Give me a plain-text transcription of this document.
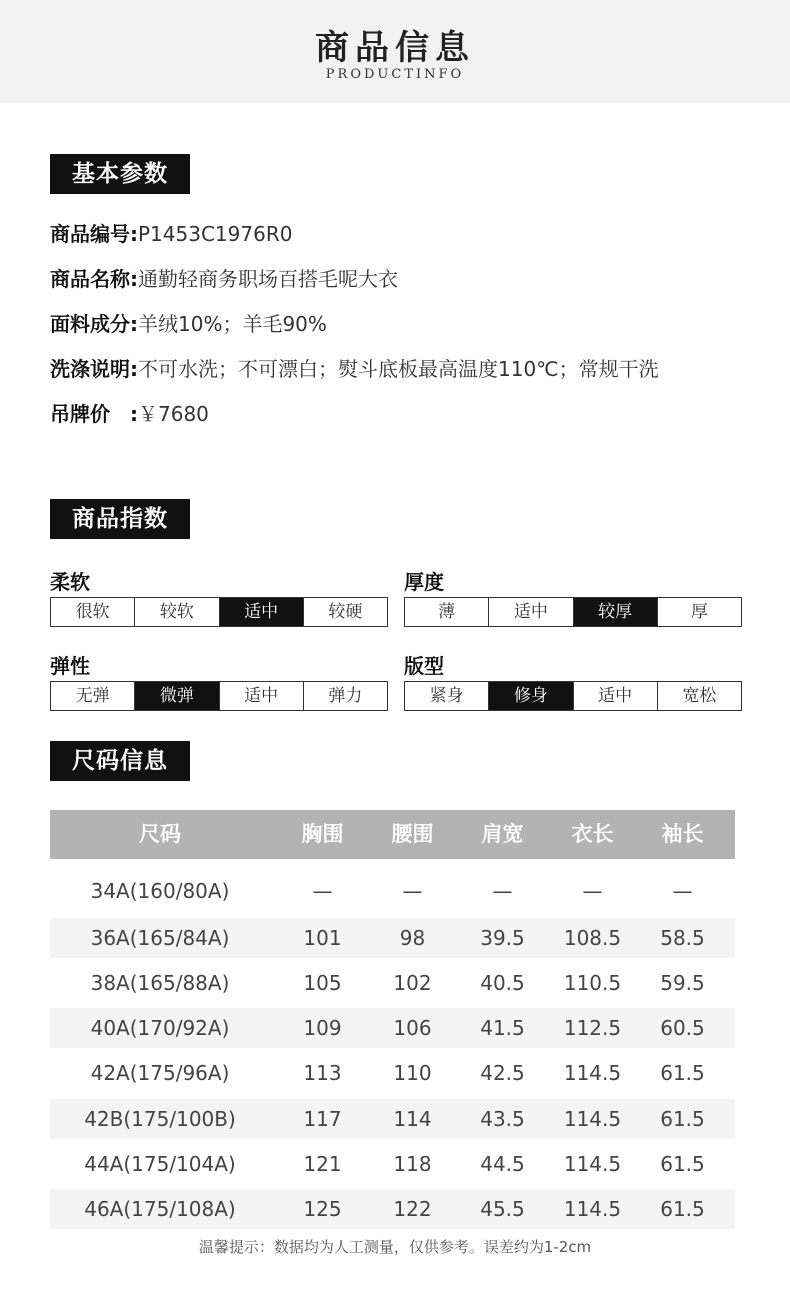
商品信息
PRODUCTINFO
基本参数
商品编号:P1453C1976R0
商品名称:通勤轻商务职场百搭毛呢大衣
面料成分:羊绒10%；羊毛90%
洗涤说明:不可水洗；不可漂白；熨斗底板最高温度110℃；常规干洗
吊牌价　:￥7680
商品指数
柔软
很软	较软	适中	较硬
厚度
薄	适中	较厚	厚
弹性
无弹	微弹	适中	弹力
版型
紧身	修身	适中	宽松
尺码信息
尺码	胸围	腰围	肩宽	衣长	袖长
34A(160/80A)	—	—	—	—	—
36A(165/84A)	101	98	39.5	108.5	58.5
38A(165/88A)	105	102	40.5	110.5	59.5
40A(170/92A)	109	106	41.5	112.5	60.5
42A(175/96A)	113	110	42.5	114.5	61.5
42B(175/100B)	117	114	43.5	114.5	61.5
44A(175/104A)	121	118	44.5	114.5	61.5
46A(175/108A)	125	122	45.5	114.5	61.5
温馨提示：数据均为人工测量，仅供参考。误差约为1-2cm
